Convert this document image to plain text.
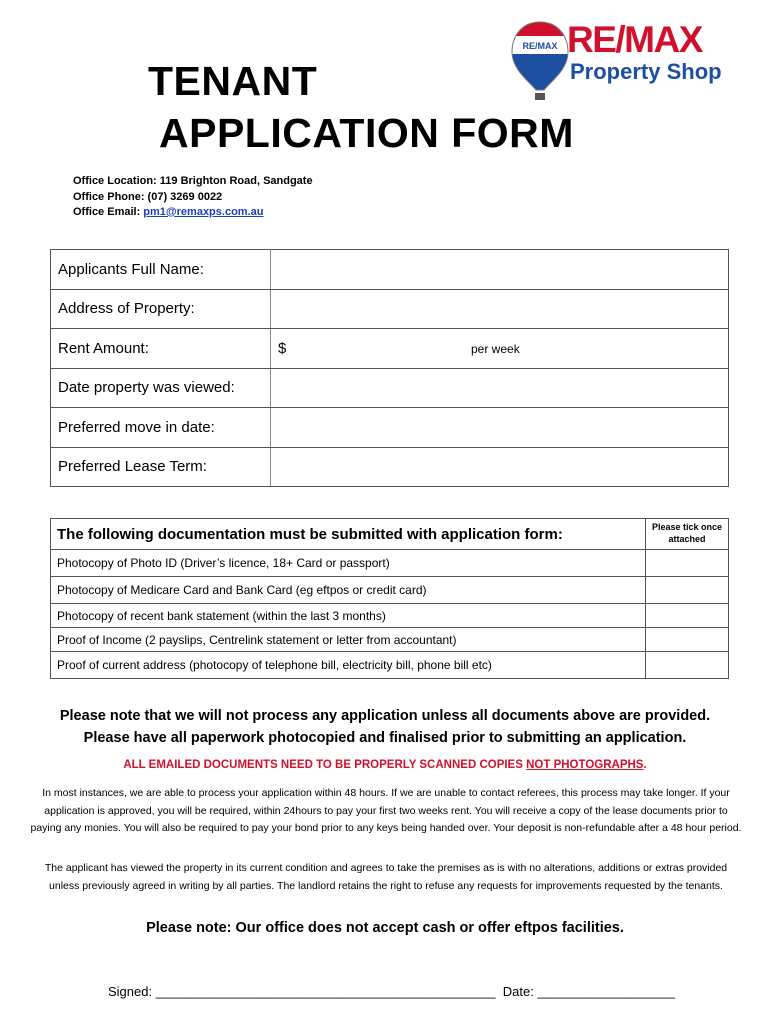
TENANT
APPLICATION FORM
RE/MAX RE/MAX
Property Shop
Office Location: 119 Brighton Road, Sandgate
Office Phone: (07) 3269 0022
Office Email: pm1@remaxps.com.au
Applicants Full Name:	
Address of Property:	
Rent Amount:	$ per week

Date property was viewed:	
Preferred move in date:	
Preferred Lease Term:	
The following documentation must be submitted with application form:	Please tick once attached
Photocopy of Photo ID (Driver’s licence, 18+ Card or passport)	
Photocopy of Medicare Card and Bank Card (eg eftpos or credit card)	
Photocopy of recent bank statement (within the last 3 months)	
Proof of Income (2 payslips, Centrelink statement or letter from accountant)	
Proof of current address (photocopy of telephone bill, electricity bill, phone bill etc)	
Please note that we will not process any application unless all documents above are provided.
Please have all paperwork photocopied and finalised prior to submitting an application.
ALL EMAILED DOCUMENTS NEED TO BE PROPERLY SCANNED COPIES NOT PHOTOGRAPHS.
In most instances, we are able to process your application within 48 hours. If we are unable to contact referees, this process may take longer. If your application is approved, you will be required, within 24hours to pay your first two weeks rent. You will receive a copy of the lease documents prior to paying any monies. You will also be required to pay your bond prior to any keys being handed over. Your deposit is non-refundable after a 48 hour period.
The applicant has viewed the property in its current condition and agrees to take the premises as is with no alterations, additions or extras provided unless previously agreed in writing by all parties. The landlord retains the right to refuse any requests for improvements requested by the tenants.
Please note: Our office does not accept cash or offer eftpos facilities.
Signed: _______________________________________________  Date: ___________________
